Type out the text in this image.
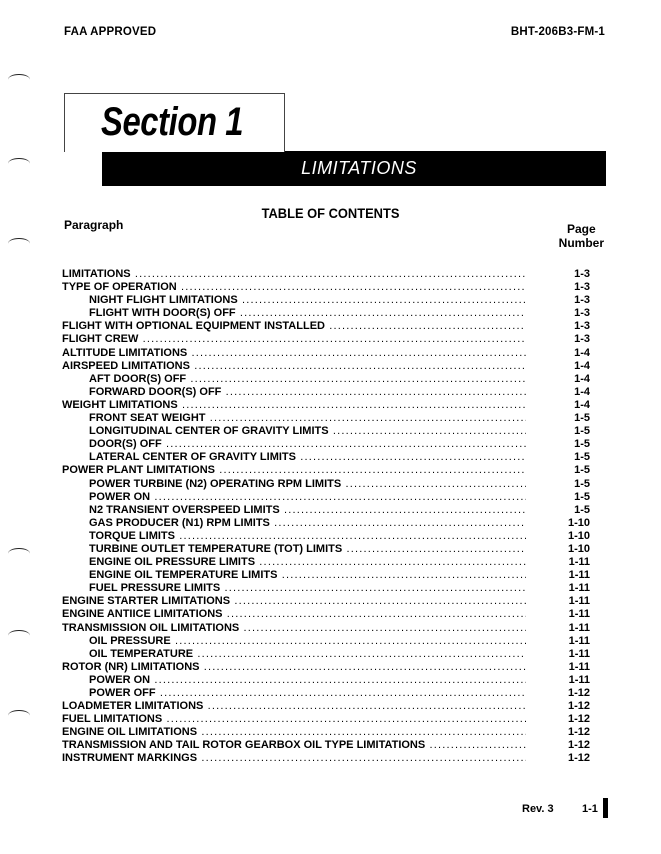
FAA APPROVED	BHT-206B3-FM-1
Section 1
LIMITATIONS
TABLE OF CONTENTS
Paragraph	Page
Number
LIMITATIONS .....	1-3
TYPE OF OPERATION .....	1-3
NIGHT FLIGHT LIMITATIONS .....	1-3
FLIGHT WITH DOOR(S) OFF .....	1-3
FLIGHT WITH OPTIONAL EQUIPMENT INSTALLED .....	1-3
FLIGHT CREW .....	1-3
ALTITUDE LIMITATIONS .....	1-4
AIRSPEED LIMITATIONS .....	1-4
AFT DOOR(S) OFF .....	1-4
FORWARD DOOR(S) OFF .....	1-4
WEIGHT LIMITATIONS .....	1-4
FRONT SEAT WEIGHT .....	1-5
LONGITUDINAL CENTER OF GRAVITY LIMITS .....	1-5
DOOR(S) OFF .....	1-5
LATERAL CENTER OF GRAVITY LIMITS .....	1-5
POWER PLANT LIMITATIONS .....	1-5
POWER TURBINE (N2) OPERATING RPM LIMITS .....	1-5
POWER ON .....	1-5
N2 TRANSIENT OVERSPEED LIMITS .....	1-5
GAS PRODUCER (N1) RPM LIMITS .....	1-10
TORQUE LIMITS .....	1-10
TURBINE OUTLET TEMPERATURE (TOT) LIMITS .....	1-10
ENGINE OIL PRESSURE LIMITS .....	1-11
ENGINE OIL TEMPERATURE LIMITS .....	1-11
FUEL PRESSURE LIMITS .....	1-11
ENGINE STARTER LIMITATIONS .....	1-11
ENGINE ANTIICE LIMITATIONS .....	1-11
TRANSMISSION OIL LIMITATIONS .....	1-11
OIL PRESSURE .....	1-11
OIL TEMPERATURE .....	1-11
ROTOR (NR) LIMITATIONS .....	1-11
POWER ON .....	1-11
POWER OFF .....	1-12
LOADMETER LIMITATIONS .....	1-12
FUEL LIMITATIONS .....	1-12
ENGINE OIL LIMITATIONS .....	1-12
TRANSMISSION AND TAIL ROTOR GEARBOX OIL TYPE LIMITATIONS .....	1-12
INSTRUMENT MARKINGS .....	1-12
Rev. 3	1-1
